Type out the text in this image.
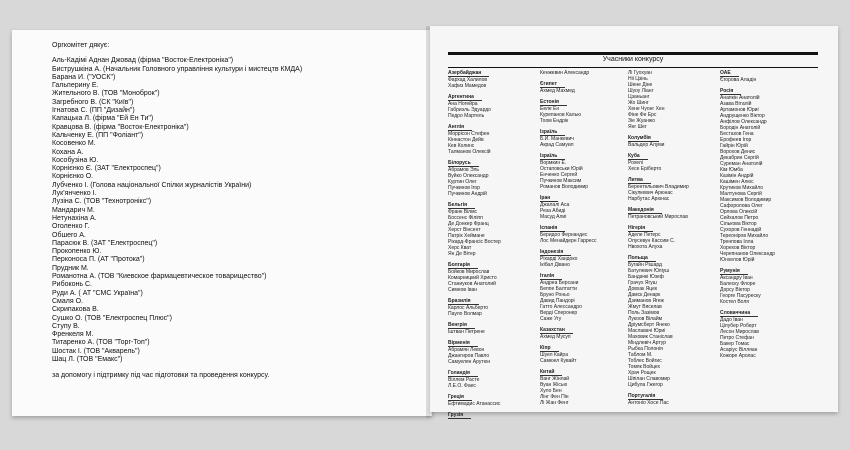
Оргкомітет дякує:
Аль-Кадімі Аднан Джовад (фірма "Восток-Електроніка")
Биструшкіна А. (Начальник Головного управління культури і мистецтв КМДА)
Барана И. ("УОСК")
Гальперину Е.
Жительного В. (ТОВ "Моноброк")
Загребного В. (СК "Київ")
Ігнатова С. (ПП "Дизайн")
Капацька Л. (фірма "Ей Ен Ти")
Кравцова В. (фірма "Восток-Електроніка")
Кальченку Е. (ПП "Фоліант")
Косовенко М.
Кохана А.
Кособузіна Ю.
Корнієнко Є. (ЗАТ "Електроспец")
Корнієнко О.
Лубченко І. (Голова національної Спілки журналістів України)
Лук'янченко І.
Лузіна С. (ТОВ "Технотронікс")
Мандарич М.
Нетунахіна А.
Оголенко Г.
Обшего А.
Парасюк В. (ЗАТ "Електроспец")
Прокопенко Ю.
Перконоса П. (АТ "Протока")
Прудник М.
Романотна А. (ТОВ "Киевское фармацевтическое товарищество")
Рибоконь С.
Руди А. ( АТ "СМС Україна")
Смаля О.
Скрипакова В.
Сушко О. (ТОВ "Електроспец Плюс")
Ступу В.
Френкеля М.
Титаренко А. (ТОВ "Торг-Топ")
Шостак І. (ТОВ "Акварель")
Шац Л. (ТОВ "Емакс")
за допомогу і підтримку під час підготовки та проведення конкурсу.
Учасники конкурсу
Азербайджан
Фархад Халилов
Хафиз Мамедов
Аргентина
Ана Ногейра
Габриэль Эдуардо
Педро Мартель
Англія
Моррісон Стефен
Кіннастон Дейв
Кев Колинс
Талманов Олексій
Білорусь
Абрамов Эль
Вуйко Олександр
Куртин Олег
Пучкинов Ігор
Пучкинов Андрій
Бельгія
Франк Вілмс
Боссенс Філіпп
Де Донкер Франц
Херст Вінсент
Патрік Хеймане
Рікард-Франсіс Востер
Херс Кват
Ян Де Вітер
Болгарія
Бойков Мирослав
Комарницкий Христо
Станиуков Анатолий
Симеов Іван
Бразилія
Карлос Альберто
Пауло Волмар
Венгрія
Іштван Петрене
Вірменія
Абрамян Левон
Джангиров Павло
Самуелян Арутюн
Голандія
Віллем Расте
Л.Е.О. Фаес
Греція
Ефтимадис Атанассис
Грузія
Кенжевин Александр
Єгипет
Ахмед Махмед
Естонія
Ееле Ен
Курепанов Калью
Тоом Ендрік
Ізраїль
Б.Й. Манкевич
Акрад Самуил
Ізраїль
Вормкин Е.
Остаповськи Юрій
Енченко Сергей
Пучкинов Максим
Романов Володимир
Іран
Джалалі Аса
Реза Абиді
Масуд Алиі
Іспанія
Беридоо Фернандес
Лос Менайдерн Гарресс
Індонезія
Ріхарді Хандоко
Ікібал Дівано
Італія
Андреа Берсани
Беппе Балтатти
Бруно Роньо
Давид Пандорі
Гатто Алессандро
Верді Сперонер
Саже Угу
Казахстан
Ахмед Мусуп
Кіпр
Шуел Кайра
Самюел Кувайт
Китай
Ванг Жінлай
Вуан Жісью
Хуло Бен
Лінг Фен Пін
Лі Жан Фенг
Лі Гуохуан
Ніі Цзінь
Шене Діне
Шуоу Ліанг
Цзаньанг
Жо Шинг
Хене Чуонг Хен
Фіне Фе Ерс
Зіе Жуанжо
Янг Шег
Колумбія
Вальдер Алуми
Куба
Рохелі
Хесе Еріберто
Литва
Берентельович Владимир
Сікулкевич Арюнас
Нарбутас Арюнас
Македонія
Петрановський Мирослав
Нігерія
Аделе Петерс
Олусевун Кассим С.
Нвохота Алуха
Польща
Бугайн Рішард
Батулевич Юліуш
Бандачкі Юзеф
Грачух Ягуш
Довхак Яцек
Дамск Денарк
Дзиманов Ягеж
Жмут Вяселав
Поль Зазімов
Лукоов Вілайм
Дріумсберт Янеко
Маславачі Юриі
Маховик Станіслав
Міндлевіч Артур
Рыбка Полонія
Таблом М.
Тоблес Войгис
Томяк Войцех
Храч Рощек
Шпілан Славомир
Цибула Гжегор
Португалія
Антоніо Хосе Пас
ОАЕ
Єгорова Аладін
Росія
Анапкін Анатолій
Азава Віталій
Артамонов Юриі
Андрущенко Віктор
Анфілов Олександр
Бородін Анатолій
Бестахов Гена
Ерофеев Ігор
Гайрін Юрій
Ворохов Денис
Декабрин Сергій
Суреман Анатолій
Кім Юмба
Казімін Андрій
Кашімен Алюс
Крутиков Михайло
Малтунова Сергій
Максимов Володимир
Сафоролова Олег
Орлова Олексій
Сейхалов Петро
Сількова Віктор
Сухоров Геннадій
Тереоніров Михайло
Тренпова Ілла
Хорехов Віктор
Черепнанов Олександр
Юнхелов Юрій
Румунія
Аксандру Іван
Балеску Флоре
Дорсу Віктор
Георге Пасуреску
Костел Воля
Словаччина
Дадо Іван
Цілубер Роберт
Лесон Мирослав
Петро Стефан
Бакер Томас
Асаріус Вілляан
Кожоре Аролас
